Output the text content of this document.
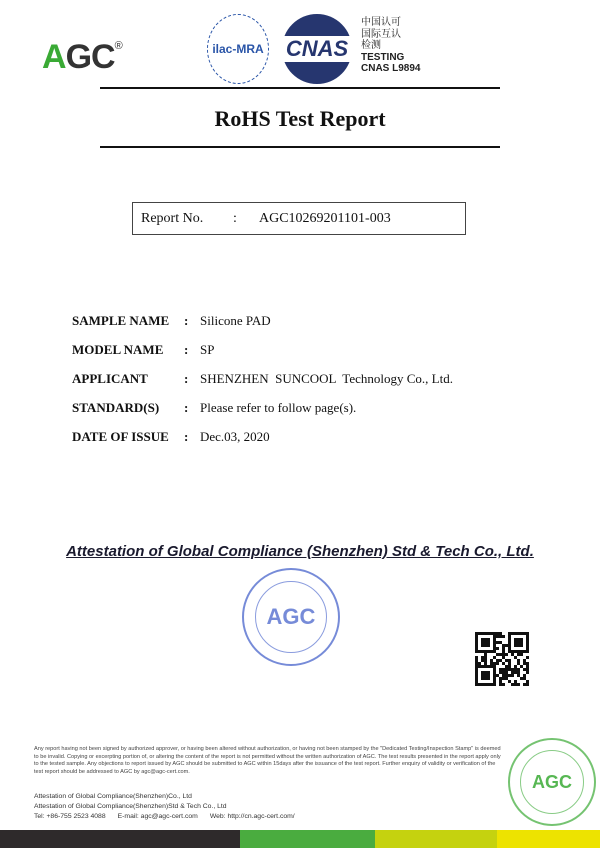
AGC®	ilac-MRA CNAS
中国认可
国际互认
检测
TESTING
CNAS L9894
RoHS Test Report
Report No.	:	AGC10269201101-003
SAMPLE NAME	: Silicone PAD
MODEL NAME	: SP
APPLICANT	: SHENZHEN  SUNCOOL  Technology Co., Ltd.
STANDARD(S)	: Please refer to follow page(s).
DATE OF ISSUE	: Dec.03, 2020
Attestation of Global Compliance (Shenzhen) Std & Tech Co., Ltd.
AGC
Any report having not been signed by authorized approver, or having been altered without authorization, or having not been stamped by the "Dedicated Testing/Inspection Stamp" is deemed to be invalid. Copying or excerpting portion of, or altering the content of the report is not permitted without the written authorization of AGC. The test results presented in the report apply only to the tested sample. Any objections to report issued by AGC should be submitted to AGC within 15days after the issuance of the test report. Further enquiry of validity or verification of the test report should be addressed to AGC by agc@agc-cert.com.
Attestation of Global Compliance(Shenzhen)Co., Ltd
Attestation of Global Compliance(Shenzhen)Std & Tech Co., Ltd
Tel: +86-755 2523 4088 E-mail: agc@agc-cert.com Web: http://cn.agc-cert.com/
AGC
